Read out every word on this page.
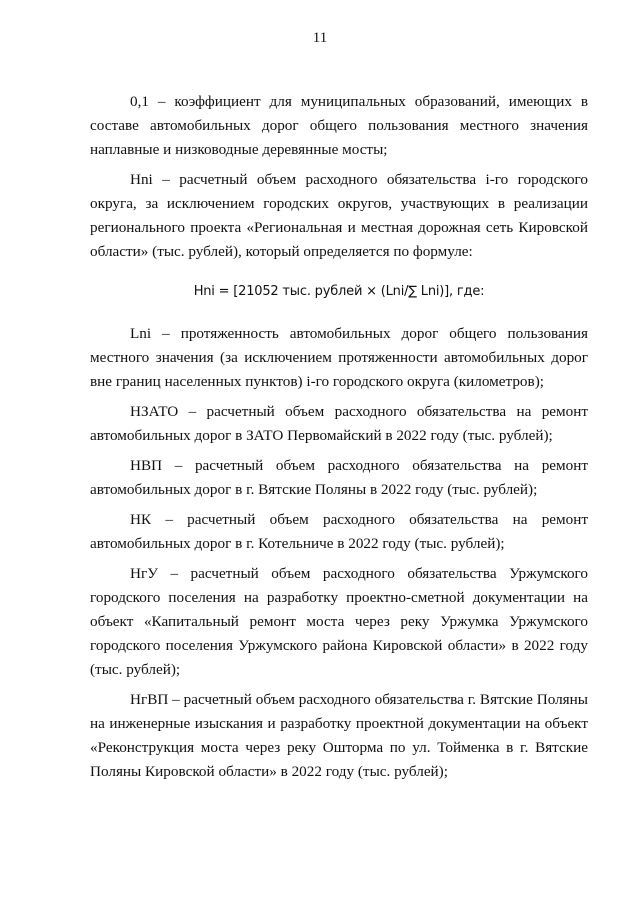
11

0,1 – коэффициент для муниципальных образований, имеющих в составе автомобильных дорог общего пользования местного значения наплавные и низководные деревянные мосты;

Hni – расчетный объем расходного обязательства i-го городского округа, за исключением городских округов, участвующих в реализации регионального проекта «Региональная и местная дорожная сеть Кировской области» (тыс. рублей), который определяется по формуле:

Hni = [21052 тыс. рублей × (Lni/∑ Lni)], где:

Lni – протяженность автомобильных дорог общего пользования местного значения (за исключением протяженности автомобильных дорог вне границ населенных пунктов) i-го городского округа (километров);

НЗАТО – расчетный объем расходного обязательства на ремонт автомобильных дорог в ЗАТО Первомайский в 2022 году (тыс. рублей);

НВП – расчетный объем расходного обязательства на ремонт автомобильных дорог в г. Вятские Поляны в 2022 году (тыс. рублей);

НК – расчетный объем расходного обязательства на ремонт автомобильных дорог в г. Котельниче в 2022 году (тыс. рублей);

НгУ – расчетный объем расходного обязательства Уржумского городского поселения на разработку проектно-сметной документации на объект «Капитальный ремонт моста через реку Уржумка Уржумского городского поселения Уржумского района Кировской области» в 2022 году (тыс. рублей);

НгВП – расчетный объем расходного обязательства г. Вятские Поляны на инженерные изыскания и разработку проектной документации на объект «Реконструкция моста через реку Ошторма по ул. Тойменка в г. Вятские Поляны Кировской области» в 2022 году (тыс. рублей);
